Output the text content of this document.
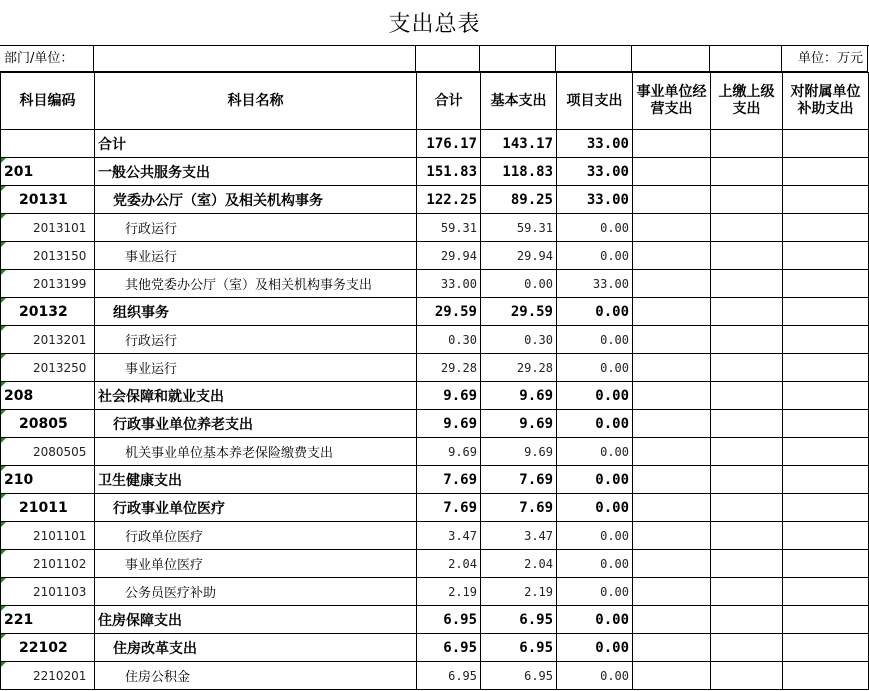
支出总表
部门/单位：	单位：万元
科目编码	科目名称	合计	基本支出	项目支出	事业单位经营支出	上缴上级支出	对附属单位补助支出
	合计	176.17	143.17	33.00			
201	一般公共服务支出	151.83	118.83	33.00			
20131	党委办公厅（室）及相关机构事务	122.25	89.25	33.00			
2013101	行政运行	59.31	59.31	0.00			
2013150	事业运行	29.94	29.94	0.00			
2013199	其他党委办公厅（室）及相关机构事务支出	33.00	0.00	33.00			
20132	组织事务	29.59	29.59	0.00			
2013201	行政运行	0.30	0.30	0.00			
2013250	事业运行	29.28	29.28	0.00			
208	社会保障和就业支出	9.69	9.69	0.00			
20805	行政事业单位养老支出	9.69	9.69	0.00			
2080505	机关事业单位基本养老保险缴费支出	9.69	9.69	0.00			
210	卫生健康支出	7.69	7.69	0.00			
21011	行政事业单位医疗	7.69	7.69	0.00			
2101101	行政单位医疗	3.47	3.47	0.00			
2101102	事业单位医疗	2.04	2.04	0.00			
2101103	公务员医疗补助	2.19	2.19	0.00			
221	住房保障支出	6.95	6.95	0.00			
22102	住房改革支出	6.95	6.95	0.00			
2210201	住房公积金	6.95	6.95	0.00			
